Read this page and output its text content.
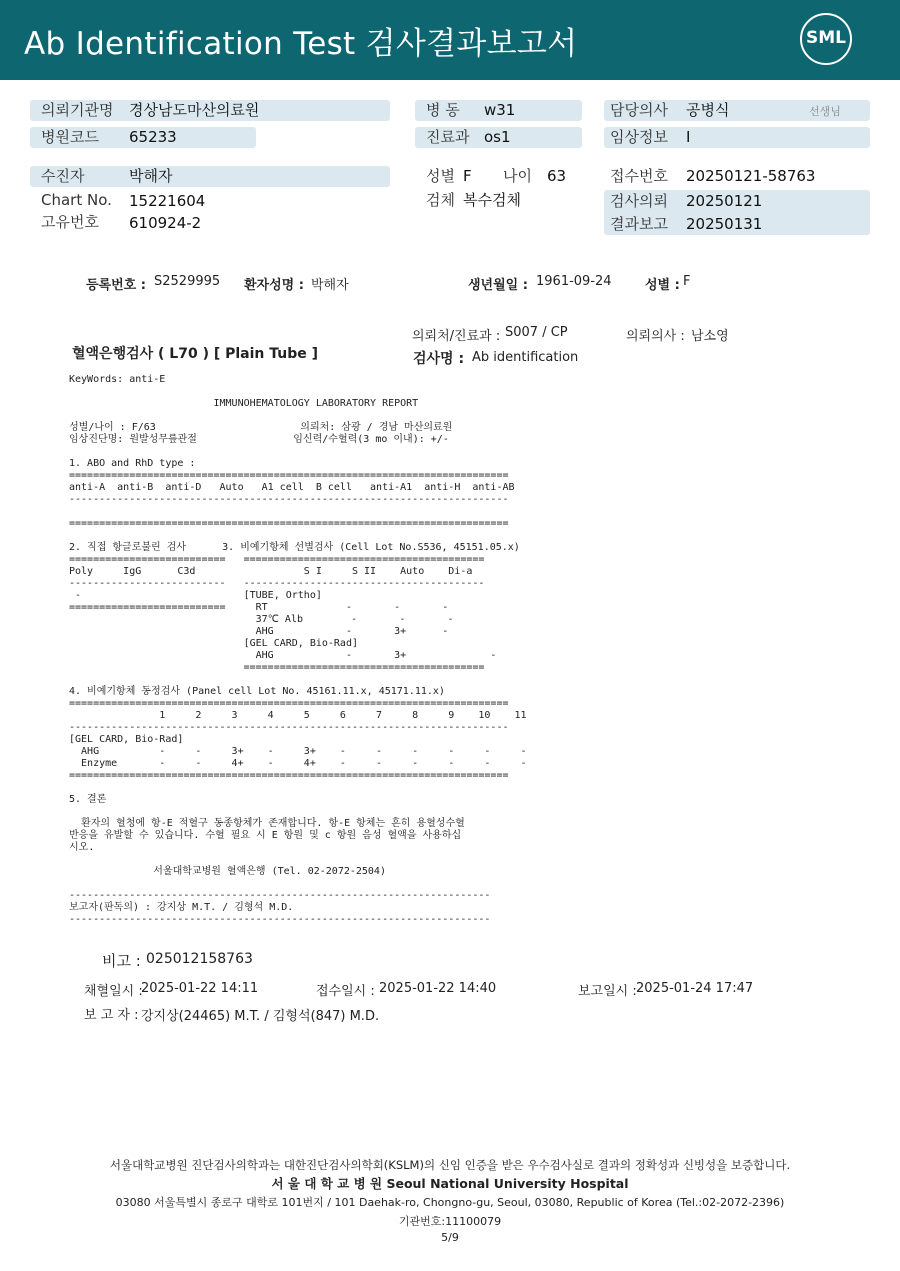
Ab Identification Test 검사결과보고서	SML
의뢰기관명 경상남도마산의료원
병원코드 65233
병 동 w31
진료과 os1
담당의사 공병식	선생님
임상정보 I
수진자	박해자
Chart No. 15221604
고유번호 610924-2
성별 F 나이 63
검체 복수검체
접수번호 20250121-58763
검사의뢰 20250121
결과보고 20250131
등록번호 : S2529995 환자성명 : 박해자	생년월일 : 1961-09-24	성별 : F
의뢰처/진료과 : S007 / CP	의뢰의사 : 남소영
혈액은행검사 ( L70 ) [ Plain Tube ]	검사명 : Ab identification
KeyWords: anti-E

IMMUNOHEMATOLOGY LABORATORY REPORT

성별/나이 : F/63                        의뢰처: 삼광 / 경남 마산의료원
임상진단명: 원발성무릎관절                임신력/수혈력(3 mo 이내): +/-

1. ABO and RhD type :
=========================================================================
anti-A  anti-B  anti-D   Auto   A1 cell  B cell   anti-A1  anti-H  anti-AB
-------------------------------------------------------------------------

=========================================================================

2. 직접 항글로불린 검사      3. 비예기항체 선별검사 (Cell Lot No.S536, 45151.05.x)
==========================   ========================================
Poly     IgG      C3d                  S I     S II    Auto    Di-a
--------------------------   ----------------------------------------
-                           [TUBE, Ortho]
==========================     RT             -       -       -
37℃ Alb        -       -       -
AHG            -       3+      -
[GEL CARD, Bio-Rad]
AHG            -       3+              -
========================================

4. 비예기항체 동정검사 (Panel cell Lot No. 45161.11.x, 45171.11.x)
=========================================================================
1     2     3     4     5     6     7     8     9    10    11
-------------------------------------------------------------------------
[GEL CARD, Bio-Rad]
AHG          -     -     3+    -     3+    -     -     -     -     -     -
Enzyme       -     -     4+    -     4+    -     -     -     -     -     -
=========================================================================

5. 결론

환자의 혈청에 항-E 적혈구 동종항체가 존재합니다. 항-E 항체는 흔히 용혈성수혈
반응을 유발할 수 있습니다. 수혈 필요 시 E 항원 및 c 항원 음성 혈액을 사용하십
시오.

서울대학교병원 혈액은행 (Tel. 02-2072-2504)

----------------------------------------------------------------------
보고자(판독의) : 강지상 M.T. / 김형석 M.D.
----------------------------------------------------------------------
비고 : 025012158763
채혈일시 :
2025-01-22 14:11	접수일시 : 2025-01-22 14:40	보고일시 : 2025-01-24 17:47
보 고 자 : 강지상(24465) M.T. / 김형석(847) M.D.
서울대학교병원 진단검사의학과는 대한진단검사의학회(KSLM)의 신임 인증을 받은 우수검사실로 결과의 정확성과 신빙성을 보증합니다.
서 울 대 학 교 병 원 Seoul National University Hospital
03080 서울특별시 종로구 대학로 101번지 / 101 Daehak-ro, Chongno-gu, Seoul, 03080, Republic of Korea (Tel.:02-2072-2396)
기관번호:11100079
5/9
